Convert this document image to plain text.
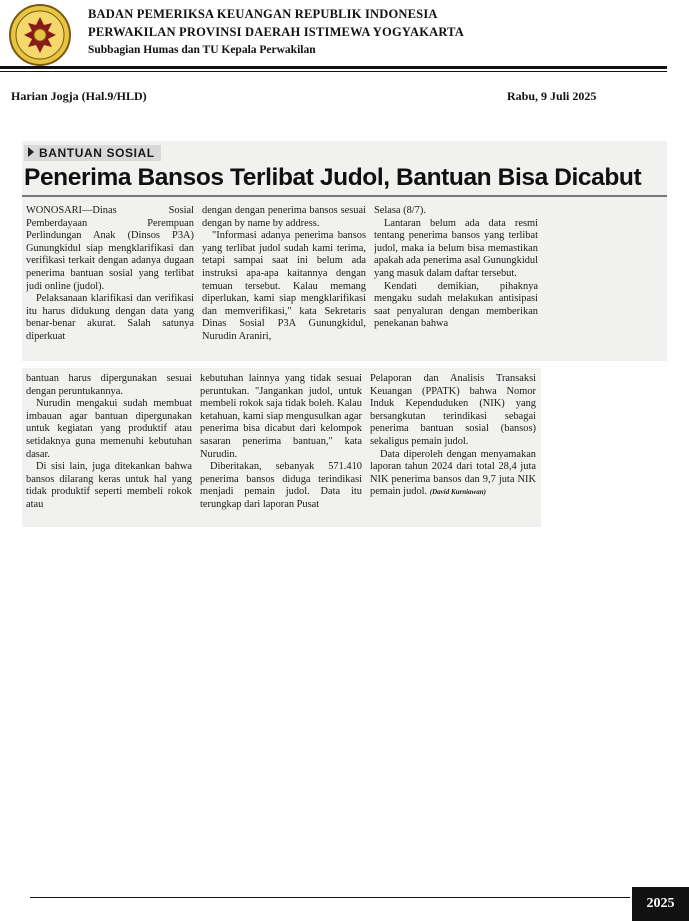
BADAN PEMERIKSA KEUANGAN REPUBLIK INDONESIA
PERWAKILAN PROVINSI DAERAH ISTIMEWA YOGYAKARTA
Subbagian Humas dan TU Kepala Perwakilan
Harian Jogja (Hal.9/HLD)	Rabu, 9 Juli 2025
BANTUAN SOSIAL
Penerima Bansos Terlibat Judol, Bantuan Bisa Dicabut

WONOSARI—Dinas Sosial Pemberdayaan Perempuan Perlindungan Anak (Dinsos P3A) Gunungkidul siap mengklarifikasi dan verifikasi terkait dengan adanya dugaan penerima bantuan sosial yang terlibat judi online (judol).

Pelaksanaan klarifikasi dan verifikasi itu harus didukung dengan data yang benar-benar akurat. Salah satunya diperkuat

dengan dengan penerima bansos sesuai dengan by name by address.

"Informasi adanya penerima bansos yang terlibat judol sudah kami terima, tetapi sampai saat ini belum ada instruksi apa-apa kaitannya dengan temuan tersebut. Kalau memang diperlukan, kami siap mengklarifikasi dan memverifikasi," kata Sekretaris Dinas Sosial P3A Gunungkidul, Nurudin Araniri,

Selasa (8/7).

Lantaran belum ada data resmi tentang penerima bansos yang terlibat judol, maka ia belum bisa memastikan apakah ada penerima asal Gunungkidul yang masuk dalam daftar tersebut.

Kendati demikian, pihaknya mengaku sudah melakukan antisipasi saat penyaluran dengan memberikan penekanan bahwa

bantuan harus dipergunakan sesuai dengan peruntukannya.

Nurudin mengakui sudah membuat imbauan agar bantuan dipergunakan untuk kegiatan yang produktif atau setidaknya guna memenuhi kebutuhan dasar.

Di sisi lain, juga ditekankan bahwa bansos dilarang keras untuk hal yang tidak produktif seperti membeli rokok atau

kebutuhan lainnya yang tidak sesuai peruntukan. "Jangankan judol, untuk membeli rokok saja tidak boleh. Kalau ketahuan, kami siap mengusulkan agar penerima bisa dicabut dari kelompok sasaran penerima bantuan," kata Nurudin.

Diberitakan, sebanyak 571.410 penerima bansos diduga terindikasi menjadi pemain judol. Data itu terungkap dari laporan Pusat

Pelaporan dan Analisis Transaksi Keuangan (PPATK) bahwa Nomor Induk Kependuduken (NIK) yang bersangkutan terindikasi sebagai penerima bantuan sosial (bansos) sekaligus pemain judol.

Data diperoleh dengan menyamakan laporan tahun 2024 dari total 28,4 juta NIK penerima bansos dan 9,7 juta NIK pemain judol. (David Kurniawan)

2025
